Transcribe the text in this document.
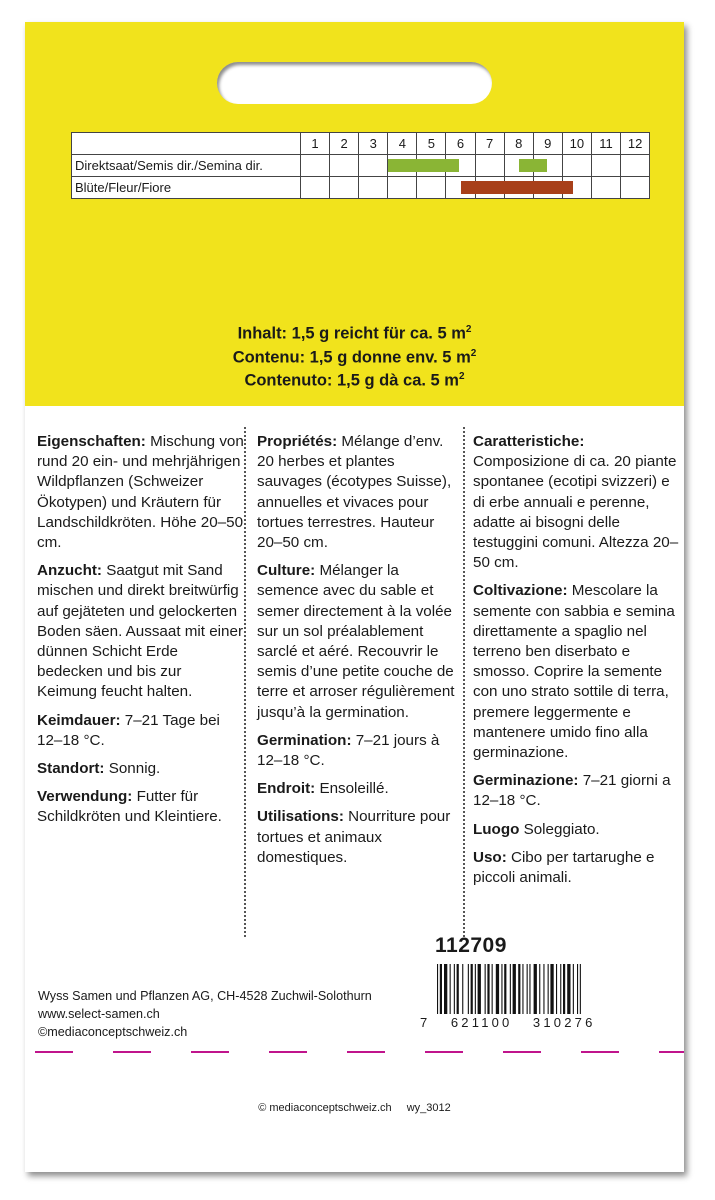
	1	2	3	4	5	6	7	8	9	10	11	12
Direktsaat/Semis dir./Semina dir.				

Blüte/Fleur/Fiore						

Inhalt: 1,5 g reicht für ca. 5 $m^2$
Contenu: 1,5 g donne env. 5 $m^2$
Contenuto: 1,5 g dà ca. 5 $m^2$

Eigenschaften: Mischung von rund 20 ein- und mehrjährigen Wildpflanzen (Schweizer Ökotypen) und Kräutern für Landschildkröten. Höhe 20–50 cm.

Anzucht: Saatgut mit Sand mischen und direkt breitwürfig auf gejäteten und gelockerten Boden säen. Aussaat mit einer dünnen Schicht Erde bedecken und bis zur Keimung feucht halten.

Keimdauer: 7–21 Tage bei 12–18 °C.

Standort: Sonnig.

Verwendung: Futter für Schildkröten und Kleintiere.

Propriétés: Mélange d’env. 20 herbes et plantes sauvages (écotypes Suisse), annuelles et vivaces pour tortues terrestres. Hauteur 20–50 cm.

Culture: Mélanger la semence avec du sable et semer directement à la volée sur un sol préalablement sarclé et aéré. Recouvrir le semis d’une petite couche de terre et arroser régulièrement jusqu’à la germination.

Germination: 7–21 jours à 12–18 °C.

Endroit: Ensoleillé.

Utilisations: Nourriture pour tortues et animaux domestiques.

Caratteristiche: Composizione di ca. 20 piante spontanee (ecotipi svizzeri) e di erbe annuali e perenne, adatte ai bisogni delle testuggini comuni. Altezza 20–50 cm.

Coltivazione: Mescolare la semente con sabbia e semina direttamente a spaglio nel terreno ben diserbato e smosso. Coprire la semente con uno strato sottile di terra, premere leggermente e mantenere umido fino alla germinazione.

Germinazione: 7–21 giorni a 12–18 °C.

Luogo Soleggiato.

Uso: Cibo per tartarughe e piccoli animali.

112709
7   621100   310276
Wyss Samen und Pflanzen AG, CH-4528 Zuchwil-Solothurn
www.select-samen.ch
©mediaconceptschweiz.ch
© mediaconceptschweiz.ch wy_3012
